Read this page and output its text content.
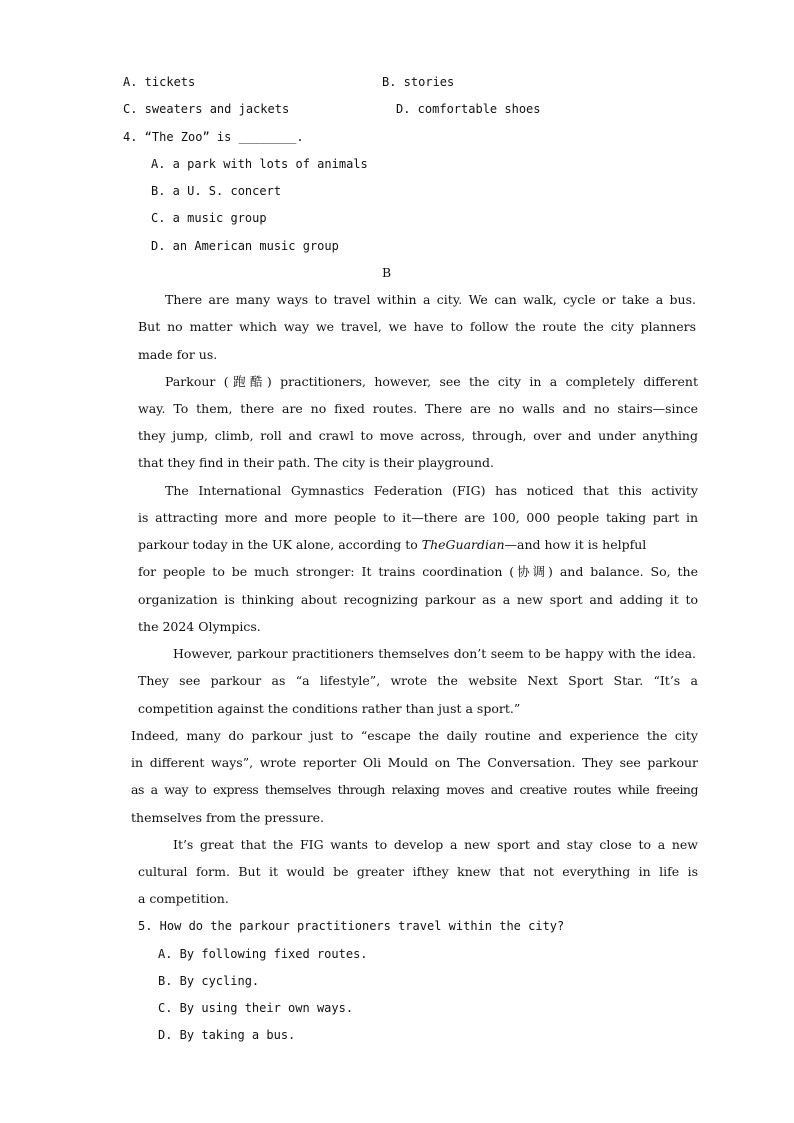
A. tickets	B. stories
C. sweaters and jackets	D. comfortable shoes
4. “The Zoo” is ________.
A. a park with lots of animals
B. a U. S. concert
C. a music group
D. an American music group
B
There are many ways to travel within a city. We can walk, cycle or take a bus.
But no matter which way we travel, we have to follow the route the city planners
made for us.
Parkour (跑酷) practitioners, however, see the city in a completely different
way. To them, there are no fixed routes. There are no walls and no stairs—since
they jump, climb, roll and crawl to move across, through, over and under anything
that they find in their path. The city is their playground.
The International Gymnastics Federation (FIG) has noticed that this activity
is attracting more and more people to it—there are 100, 000 people taking part in
parkour today in the UK alone, according to TheGuardian—and how it is helpful
for people to be much stronger: It trains coordination (协调) and balance. So, the
organization is thinking about recognizing parkour as a new sport and adding it to
the 2024 Olympics.
However, parkour practitioners themselves don’t seem to be happy with the idea.
They see parkour as “a lifestyle”, wrote the website Next Sport Star. “It’s a
competition against the conditions rather than just a sport.”
Indeed, many do parkour just to “escape the daily routine and experience the city
in different ways”, wrote reporter Oli Mould on The Conversation. They see parkour
as a way to express themselves through relaxing moves and creative routes while freeing
themselves from the pressure.
It’s great that the FIG wants to develop a new sport and stay close to a new
cultural form. But it would be greater ifthey knew that not everything in life is
a competition.
5. How do the parkour practitioners travel within the city?
A. By following fixed routes.
B. By cycling.
C. By using their own ways.
D. By taking a bus.
